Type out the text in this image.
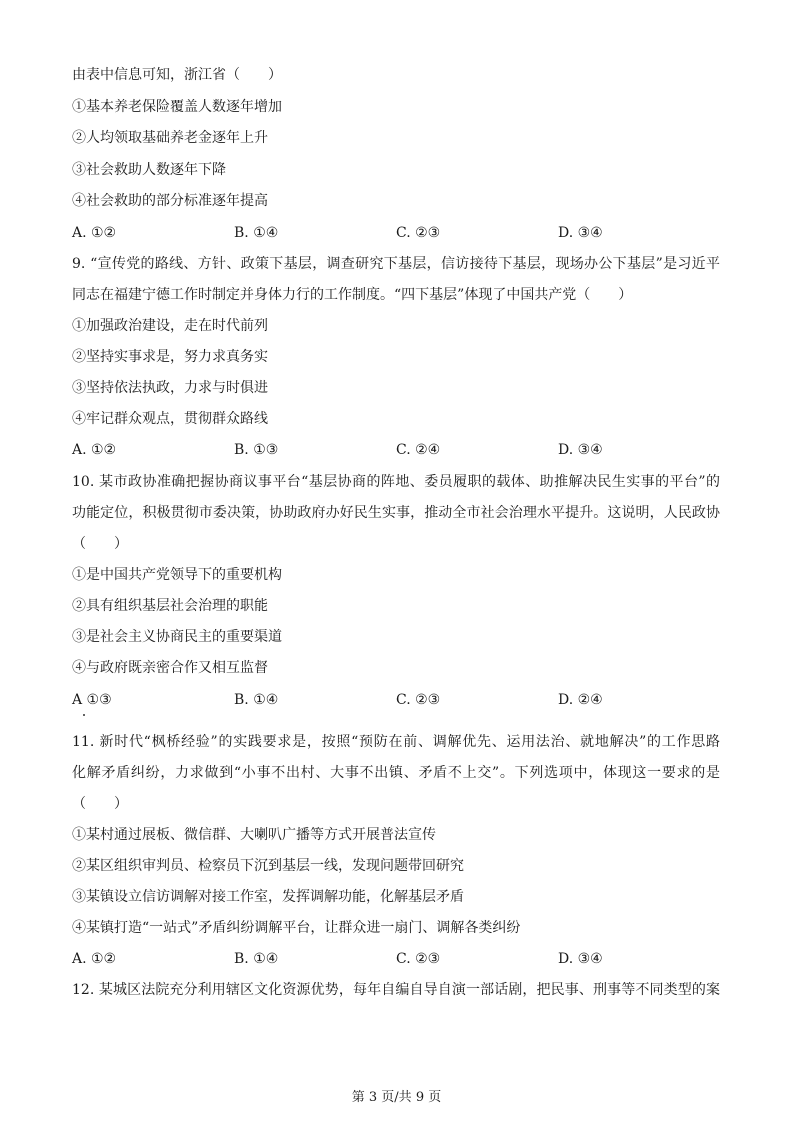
由表中信息可知，浙江省（　　）
①基本养老保险覆盖人数逐年增加
②人均领取基础养老金逐年上升
③社会救助人数逐年下降
④社会救助的部分标准逐年提高
A. ①②	B. ①④	C. ②③	D. ③④
9. “宣传党的路线、方针、政策下基层，调查研究下基层，信访接待下基层，现场办公下基层”是习近平
同志在福建宁德工作时制定并身体力行的工作制度。“四下基层”体现了中国共产党（　　）
①加强政治建设，走在时代前列
②坚持实事求是，努力求真务实
③坚持依法执政，力求与时俱进
④牢记群众观点，贯彻群众路线
A. ①②	B. ①③	C. ②④	D. ③④
10. 某市政协准确把握协商议事平台“基层协商的阵地、委员履职的载体、助推解决民生实事的平台”的
功能定位，积极贯彻市委决策，协助政府办好民生实事，推动全市社会治理水平提升。这说明，人民政协
（　　）
①是中国共产党领导下的重要机构
②具有组织基层社会治理的职能
③是社会主义协商民主的重要渠道
④与政府既亲密合作又相互监督
A ①③	B. ①④	C. ②③	D. ②④
11. 新时代“枫桥经验”的实践要求是，按照“预防在前、调解优先、运用法治、就地解决”的工作思路
化解矛盾纠纷，力求做到“小事不出村、大事不出镇、矛盾不上交”。下列选项中，体现这一要求的是
（　　）
①某村通过展板、微信群、大喇叭广播等方式开展普法宣传
②某区组织审判员、检察员下沉到基层一线，发现问题带回研究
③某镇设立信访调解对接工作室，发挥调解功能，化解基层矛盾
④某镇打造“一站式”矛盾纠纷调解平台，让群众进一扇门、调解各类纠纷
A. ①②	B. ①④	C. ②③	D. ③④
12. 某城区法院充分利用辖区文化资源优势，每年自编自导自演一部话剧，把民事、刑事等不同类型的案
第 3 页/共 9 页
